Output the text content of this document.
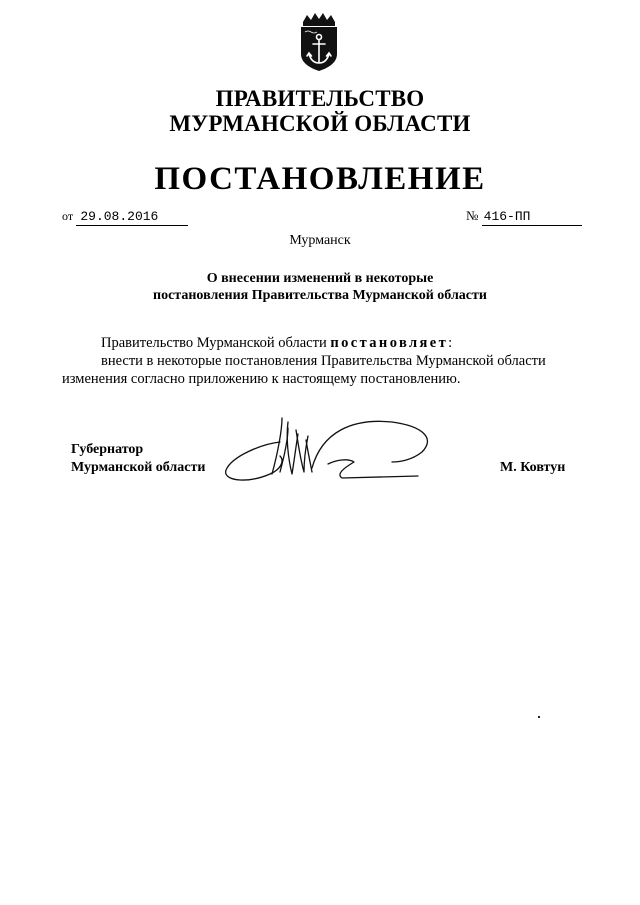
ПРАВИТЕЛЬСТВО
МУРМАНСКОЙ ОБЛАСТИ
ПОСТАНОВЛЕНИЕ
от 29.08.2016	№ 416-ПП
Мурманск
О внесении изменений в некоторые
постановления Правительства Мурманской области
Правительство Мурманской области постановляет:
внести в некоторые постановления Правительства Мурманской области
изменения согласно приложению к настоящему постановлению.
Губернатор
Мурманской области	М. Ковтун
